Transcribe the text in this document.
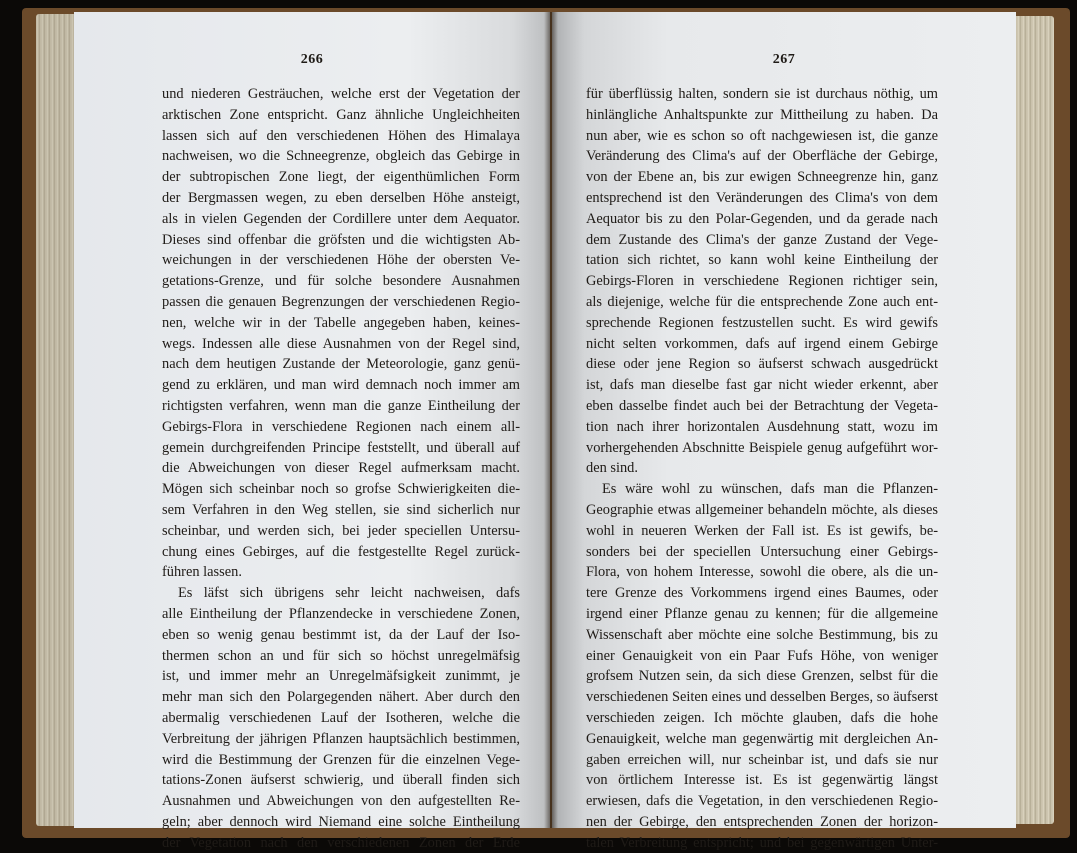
266
und niederen Gesträuchen, welche erst der Vegetation der
arktischen Zone entspricht. Ganz ähnliche Ungleichheiten
lassen sich auf den verschiedenen Höhen des Himalaya
nachweisen, wo die Schneegrenze, obgleich das Gebirge in
der subtropischen Zone liegt, der eigenthümlichen Form
der Bergmassen wegen, zu eben derselben Höhe ansteigt,
als in vielen Gegenden der Cordillere unter dem Aequator.
Dieses sind offenbar die gröfsten und die wichtigsten Ab-
weichungen in der verschiedenen Höhe der obersten Ve-
getations-Grenze, und für solche besondere Ausnahmen
passen die genauen Begrenzungen der verschiedenen Regio-
nen, welche wir in der Tabelle angegeben haben, keines-
wegs. Indessen alle diese Ausnahmen von der Regel sind,
nach dem heutigen Zustande der Meteorologie, ganz genü-
gend zu erklären, und man wird demnach noch immer am
richtigsten verfahren, wenn man die ganze Eintheilung der
Gebirgs-Flora in verschiedene Regionen nach einem all-
gemein durchgreifenden Principe feststellt, und überall auf
die Abweichungen von dieser Regel aufmerksam macht.
Mögen sich scheinbar noch so grofse Schwierigkeiten die-
sem Verfahren in den Weg stellen, sie sind sicherlich nur
scheinbar, und werden sich, bei jeder speciellen Untersu-
chung eines Gebirges, auf die festgestellte Regel zurück-
führen lassen.
Es läfst sich übrigens sehr leicht nachweisen, dafs
alle Eintheilung der Pflanzendecke in verschiedene Zonen,
eben so wenig genau bestimmt ist, da der Lauf der Iso-
thermen schon an und für sich so höchst unregelmäfsig
ist, und immer mehr an Unregelmäfsigkeit zunimmt, je
mehr man sich den Polargegenden nähert. Aber durch den
abermalig verschiedenen Lauf der Isotheren, welche die
Verbreitung der jährigen Pflanzen hauptsächlich bestimmen,
wird die Bestimmung der Grenzen für die einzelnen Vege-
tations-Zonen äufserst schwierig, und überall finden sich
Ausnahmen und Abweichungen von den aufgestellten Re-
geln; aber dennoch wird Niemand eine solche Eintheilung
der Vegetation nach den verschiedenen Zonen der Erde
267
für überflüssig halten, sondern sie ist durchaus nöthig, um
hinlängliche Anhaltspunkte zur Mittheilung zu haben. Da
nun aber, wie es schon so oft nachgewiesen ist, die ganze
Veränderung des Clima's auf der Oberfläche der Gebirge,
von der Ebene an, bis zur ewigen Schneegrenze hin, ganz
entsprechend ist den Veränderungen des Clima's von dem
Aequator bis zu den Polar-Gegenden, und da gerade nach
dem Zustande des Clima's der ganze Zustand der Vege-
tation sich richtet, so kann wohl keine Eintheilung der
Gebirgs-Floren in verschiedene Regionen richtiger sein,
als diejenige, welche für die entsprechende Zone auch ent-
sprechende Regionen festzustellen sucht. Es wird gewifs
nicht selten vorkommen, dafs auf irgend einem Gebirge
diese oder jene Region so äufserst schwach ausgedrückt
ist, dafs man dieselbe fast gar nicht wieder erkennt, aber
eben dasselbe findet auch bei der Betrachtung der Vegeta-
tion nach ihrer horizontalen Ausdehnung statt, wozu im
vorhergehenden Abschnitte Beispiele genug aufgeführt wor-
den sind.
Es wäre wohl zu wünschen, dafs man die Pflanzen-
Geographie etwas allgemeiner behandeln möchte, als dieses
wohl in neueren Werken der Fall ist. Es ist gewifs, be-
sonders bei der speciellen Untersuchung einer Gebirgs-
Flora, von hohem Interesse, sowohl die obere, als die un-
tere Grenze des Vorkommens irgend eines Baumes, oder
irgend einer Pflanze genau zu kennen; für die allgemeine
Wissenschaft aber möchte eine solche Bestimmung, bis zu
einer Genauigkeit von ein Paar Fufs Höhe, von weniger
grofsem Nutzen sein, da sich diese Grenzen, selbst für die
verschiedenen Seiten eines und desselben Berges, so äufserst
verschieden zeigen. Ich möchte glauben, dafs die hohe
Genauigkeit, welche man gegenwärtig mit dergleichen An-
gaben erreichen will, nur scheinbar ist, und dafs sie nur
von örtlichem Interesse ist. Es ist gegenwärtig längst
erwiesen, dafs die Vegetation, in den verschiedenen Regio-
nen der Gebirge, den entsprechenden Zonen der horizon-
talen Verbreitung entspricht; und bei gegenwärtigen Unter-
